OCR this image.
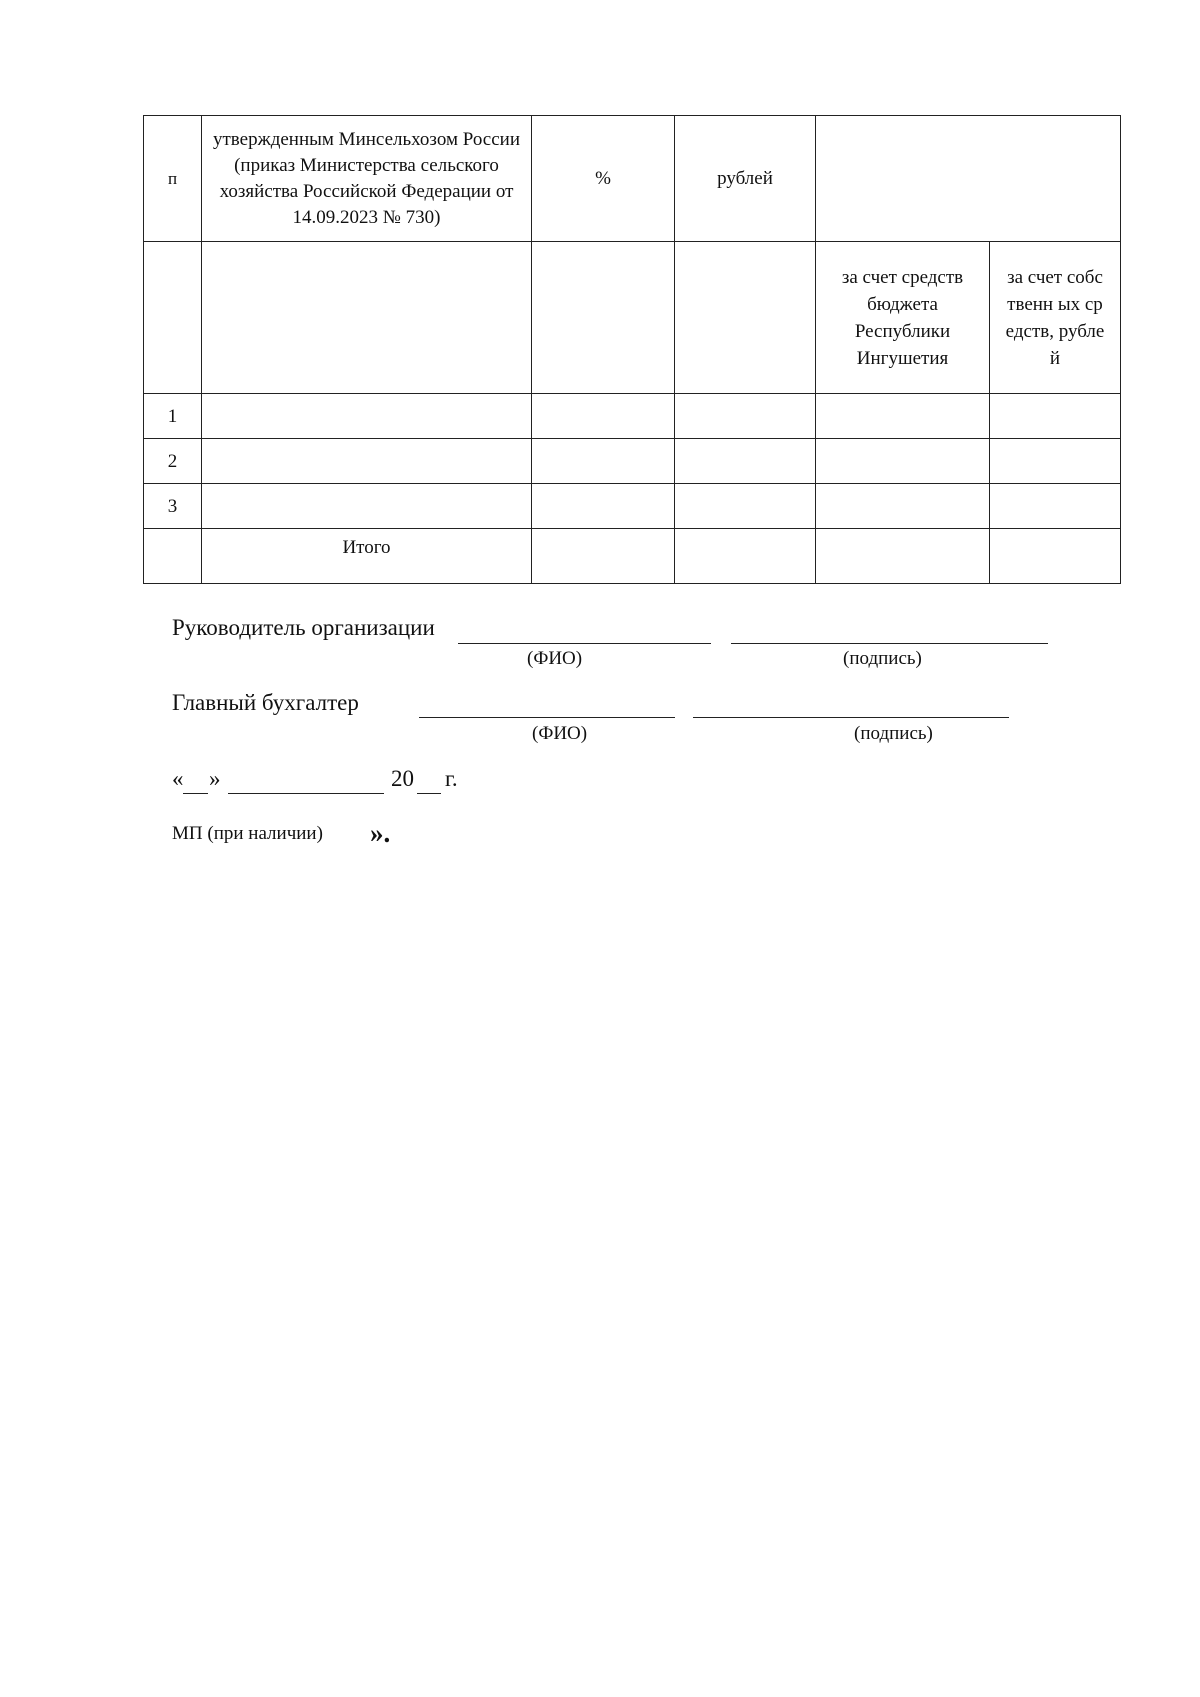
п	утвержденным Минсельхозом России (приказ Министерства сельского хозяйства Российской Федерации от 14.09.2023 № 730)	%	рублей		
				за счет средств бюджета Республики Ингушетия	за счет собственн ых средств, рублей
1					
2					
3					
	Итого				
Руководитель организации
(ФИО)	(подпись)
Главный бухгалтер
(ФИО)	(подпись)
« »	20 г.
МП (при наличии) ».
